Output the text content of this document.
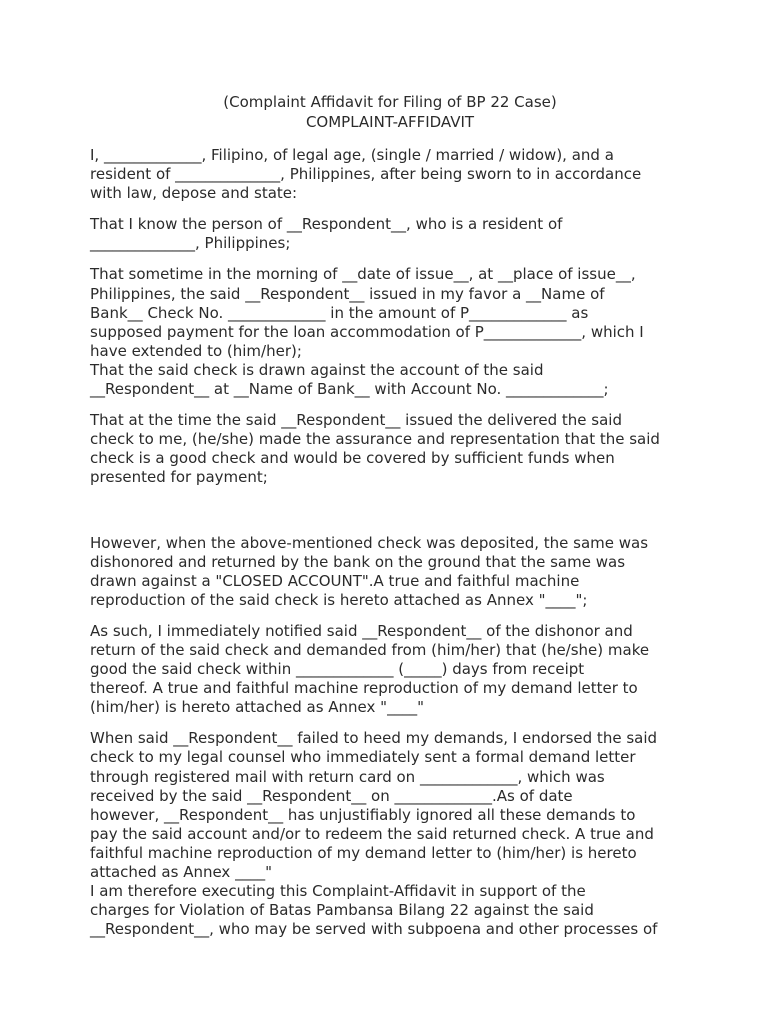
(Complaint Affidavit for Filing of BP 22 Case)

COMPLAINT-AFFIDAVIT

I, _____________, Filipino, of legal age, (single / married / widow), and a
resident of ______________, Philippines, after being sworn to in accordance
with law, depose and state:

That I know the person of __Respondent__, who is a resident of
______________, Philippines;

That sometime in the morning of __date of issue__, at __place of issue__,
Philippines, the said __Respondent__ issued in my favor a __Name of
Bank__ Check No. _____________ in the amount of P_____________ as
supposed payment for the loan accommodation of P_____________, which I
have extended to (him/her);

That the said check is drawn against the account of the said
__Respondent__ at __Name of Bank__ with Account No. _____________;

That at the time the said __Respondent__ issued the delivered the said
check to me, (he/she) made the assurance and representation that the said
check is a good check and would be covered by sufficient funds when
presented for payment;

However, when the above-mentioned check was deposited, the same was
dishonored and returned by the bank on the ground that the same was
drawn against a "CLOSED ACCOUNT".A true and faithful machine
reproduction of the said check is hereto attached as Annex "____";

As such, I immediately notified said __Respondent__ of the dishonor and
return of the said check and demanded from (him/her) that (he/she) make
good the said check within _____________ (_____) days from receipt
thereof. A true and faithful machine reproduction of my demand letter to
(him/her) is hereto attached as Annex "____"

When said __Respondent__ failed to heed my demands, I endorsed the said
check to my legal counsel who immediately sent a formal demand letter
through registered mail with return card on _____________, which was
received by the said __Respondent__ on _____________.As of date
however, __Respondent__ has unjustifiably ignored all these demands to
pay the said account and/or to redeem the said returned check. A true and
faithful machine reproduction of my demand letter to (him/her) is hereto
attached as Annex ____"

I am therefore executing this Complaint-Affidavit in support of the
charges for Violation of Batas Pambansa Bilang 22 against the said
__Respondent__, who may be served with subpoena and other processes of
